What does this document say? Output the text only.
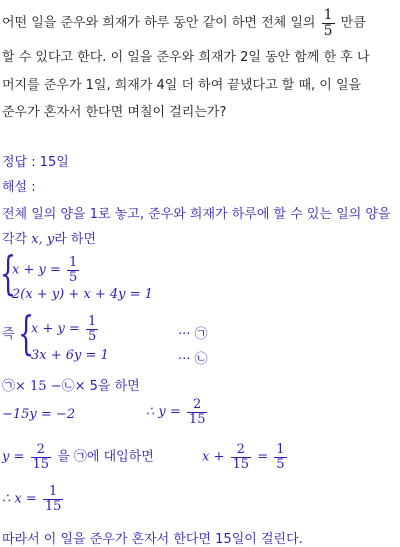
어떤 일을 준우와 희재가 하루 동안 같이 하면 전체 일의 $\frac{1}{5}$ 만큼
할 수 있다고 한다. 이 일을 준우와 희재가 2일 동안 함께 한 후 나
머지를 준우가 1일, 희재가 4일 더 하여 끝냈다고 할 때, 이 일을
준우가 혼자서 한다면 며칠이 걸리는가?
정답 : 15일
해설 :
전체 일의 양을 1로 놓고, 준우와 희재가 하루에 할 수 있는 일의 양을
각각 x, y라 하면
{
$x + y = \frac{1}{5}$
2(x + y) + x + 4y = 1
즉 {
$x + y = \frac{1}{5}$	··· ㉠
3x + 6y = 1	··· ㉡
㉠× 15 −㉡× 5을 하면
−15y = −2	∴ $y = \frac{2}{15}$
$y = \frac{2}{15}$ 을 ㉠에 대입하면	$x + \frac{2}{15} = \frac{1}{5}$
∴ $x = \frac{1}{15}$
따라서 이 일을 준우가 혼자서 한다면 15일이 걸린다.
